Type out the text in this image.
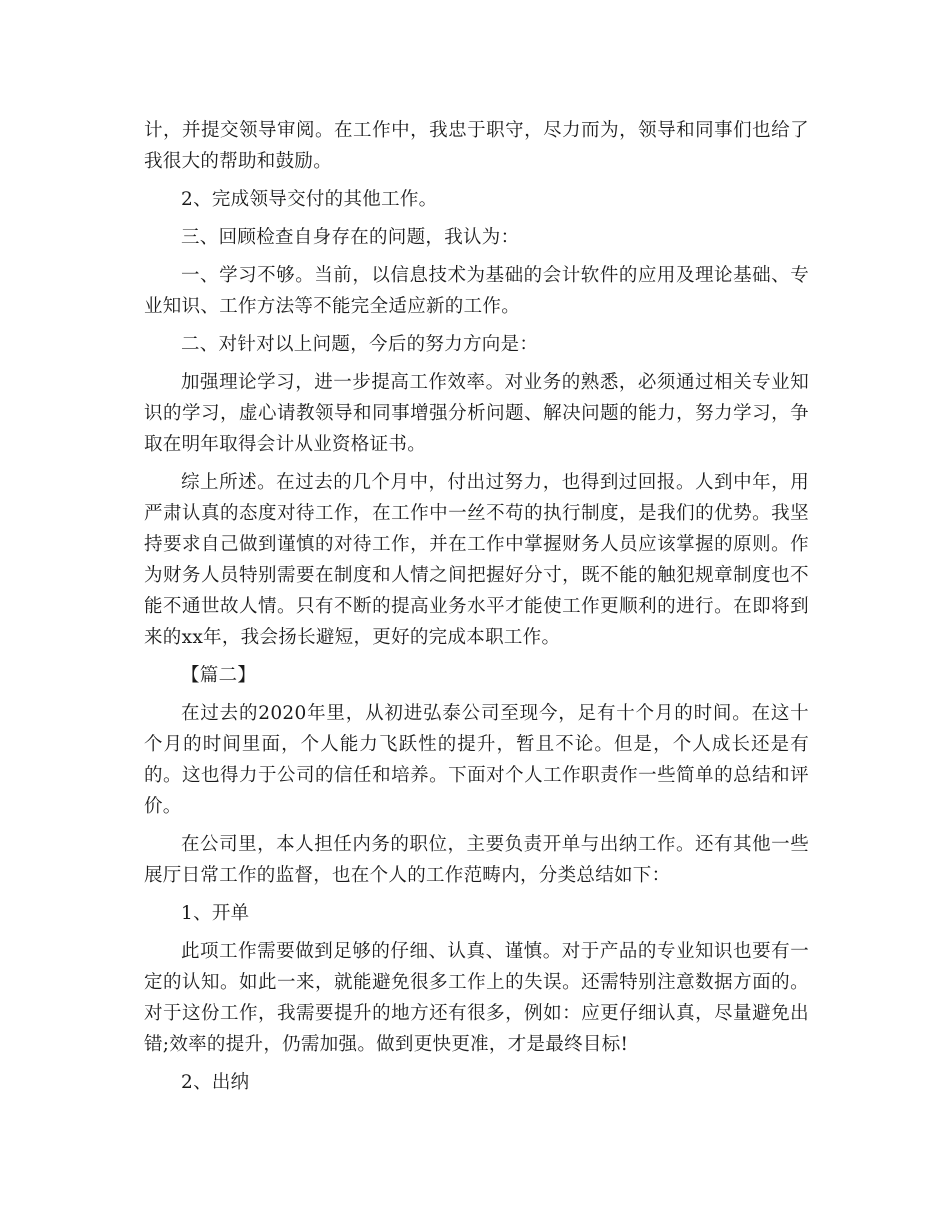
计，并提交领导审阅。在工作中，我忠于职守，尽力而为，领导和同事们也给了我很大的帮助和鼓励。

2、完成领导交付的其他工作。

三、回顾检查自身存在的问题，我认为：

一、学习不够。当前，以信息技术为基础的会计软件的应用及理论基础、专业知识、工作方法等不能完全适应新的工作。

二、对针对以上问题，今后的努力方向是：

加强理论学习，进一步提高工作效率。对业务的熟悉，必须通过相关专业知识的学习，虚心请教领导和同事增强分析问题、解决问题的能力，努力学习，争取在明年取得会计从业资格证书。

综上所述。在过去的几个月中，付出过努力，也得到过回报。人到中年，用严肃认真的态度对待工作，在工作中一丝不苟的执行制度，是我们的优势。我坚持要求自己做到谨慎的对待工作，并在工作中掌握财务人员应该掌握的原则。作为财务人员特别需要在制度和人情之间把握好分寸，既不能的触犯规章制度也不能不通世故人情。只有不断的提高业务水平才能使工作更顺利的进行。在即将到来的xx年，我会扬长避短，更好的完成本职工作。

【篇二】

在过去的2020年里，从初进弘泰公司至现今，足有十个月的时间。在这十个月的时间里面，个人能力飞跃性的提升，暂且不论。但是，个人成长还是有的。这也得力于公司的信任和培养。下面对个人工作职责作一些简单的总结和评价。

在公司里，本人担任内务的职位，主要负责开单与出纳工作。还有其他一些展厅日常工作的监督，也在个人的工作范畴内，分类总结如下：

1、开单

此项工作需要做到足够的仔细、认真、谨慎。对于产品的专业知识也要有一定的认知。如此一来，就能避免很多工作上的失误。还需特别注意数据方面的。对于这份工作，我需要提升的地方还有很多，例如：应更仔细认真，尽量避免出错;效率的提升，仍需加强。做到更快更准，才是最终目标!

2、出纳
